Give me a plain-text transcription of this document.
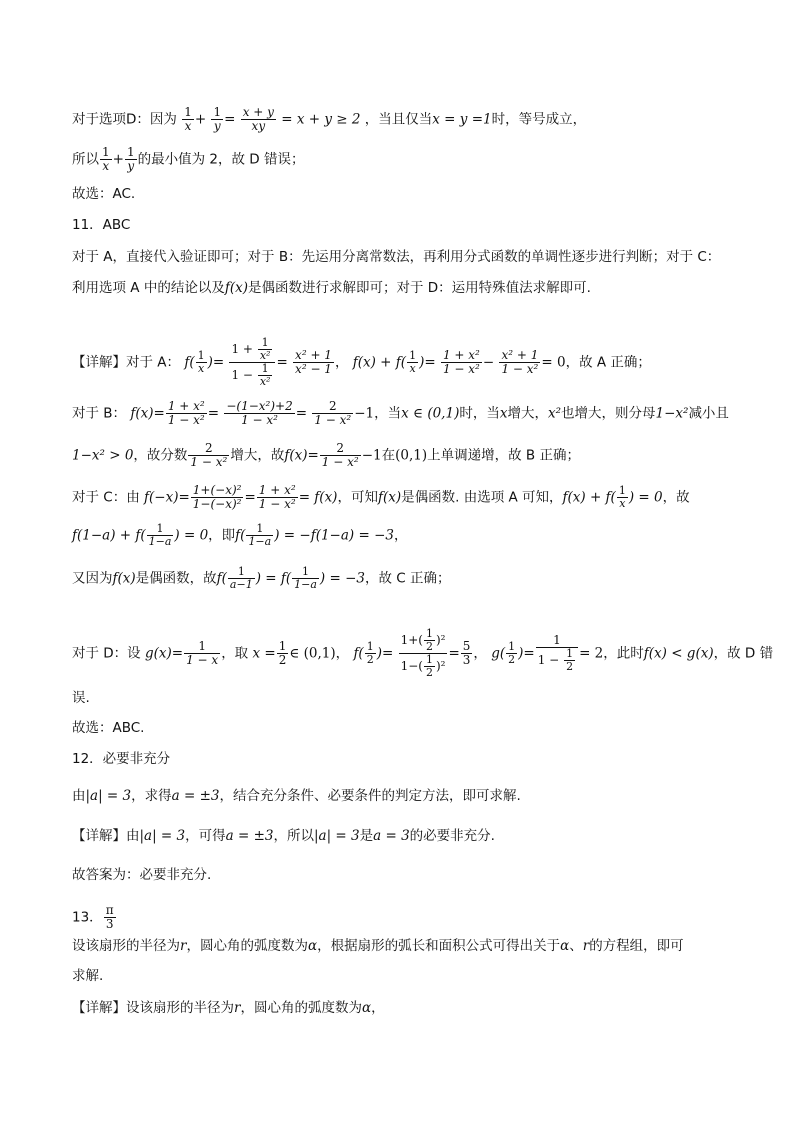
对于选项D：因为 $\frac{1}{x} + \frac{1}{y} = \frac{x + y}{xy} = x + y \ge 2$ ，当且仅当x = y =1时，等号成立，
所以 $\frac{1}{x} + \frac{1}{y}$ 的最小值为 2，故 D 错误；
故选：AC.
11．ABC
对于 A，直接代入验证即可；对于 B：先运用分离常数法，再利用分式函数的单调性逐步进行判断；对于 C：
利用选项 A 中的结论以及f(x)是偶函数进行求解即可；对于 D：运用特殊值法求解即可.
【详解】对于 A： $f( \frac{1}{x}$ )= $\frac{1 + \frac{1}{\text{x²}}}{1 - \frac{1}{\text{x²}}} = \frac{\text{x² + 1}}{\text{x² − 1}}$ ， $f(x) + f( \frac{1}{x}$ )= $\frac{\text{1 + x²}}{\text{1 − x²}} - \frac{\text{x² + 1}}{\text{1 − x²}} = 0$，故 A 正确；
对于 B： $f(x)= \frac{\text{1 + x²}}{\text{1 − x²}} = \frac{\text{−(1−x²)+2}}{\text{1 − x²}} = \frac{2}{\text{1 − x²}} -1$，当x ∈ (0,1)时，当x增大，x²也增大，则分母1−x²减小且
1−x² > 0，故分数 $\frac{2}{\text{1 − x²}}$ 增大，故$f(x)= \frac{2}{\text{1 − x²}} -1$在(0,1)上单调递增，故 B 正确；
对于 C：由 $f(-x)= \frac{\text{1+(−x)²}}{\text{1−(−x)²}} = \frac{\text{1 + x²}}{\text{1 − x²}} = f(x)$，可知f(x)是偶函数. 由选项 A 可知，$f(x) + f( \frac{1}{x}$ ) = 0，故
$f(1-a) + f( \frac{1}{1-a}$ ) = 0，即$f( \frac{1}{1-a}$ ) = −f(1−a) = −3，
又因为f(x)是偶函数，故$f( \frac{1}{a-1}$ ) = $f( \frac{1}{1-a}$ ) = −3，故 C 正确；
对于 D：设 $g(x)= \frac{1}{1 - x}$ ，取 $x = \frac{1}{2}$ ∈ (0,1)， $f( \frac{1}{2}$ )= $\frac{1+( \frac{1}{2} )^2}{1-( \frac{1}{2} )^2} = \frac{5}{3}$ ， $g( \frac{1}{2}$ )= $\frac{1}{1 - \frac{1}{2}} = 2$，此时f(x) < g(x)，故 D 错
误.
故选：ABC.
12．必要非充分
由|a| = 3，求得a = ±3，结合充分条件、必要条件的判定方法，即可求解.
【详解】由|a| = 3，可得a = ±3，所以|a| = 3是a = 3的必要非充分.
故答案为：必要非充分.
13． $\frac{\pi}{3}$
设该扇形的半径为r，圆心角的弧度数为α，根据扇形的弧长和面积公式可得出关于α、r的方程组，即可
求解.
【详解】设该扇形的半径为r，圆心角的弧度数为α，
